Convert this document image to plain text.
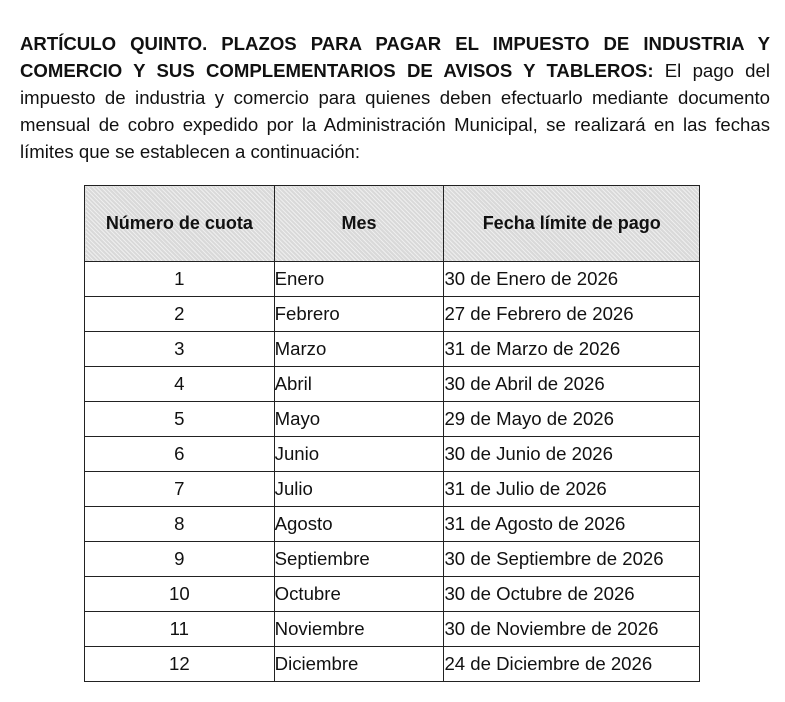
ARTÍCULO QUINTO. PLAZOS PARA PAGAR EL IMPUESTO DE INDUSTRIA Y COMERCIO Y SUS COMPLEMENTARIOS DE AVISOS Y TABLEROS: El pago del impuesto de industria y comercio para quienes deben efectuarlo mediante documento mensual de cobro expedido por la Administración Municipal, se realizará en las fechas límites que se establecen a continuación:

Número de cuota	Mes	Fecha límite de pago
1	Enero	30 de Enero de 2026
2	Febrero	27 de Febrero de 2026
3	Marzo	31 de Marzo de 2026
4	Abril	30 de Abril de 2026
5	Mayo	29 de Mayo de 2026
6	Junio	30 de Junio de 2026
7	Julio	31 de Julio de 2026
8	Agosto	31 de Agosto de 2026
9	Septiembre	30 de Septiembre de 2026
10	Octubre	30 de Octubre de 2026
11	Noviembre	30 de Noviembre de 2026
12	Diciembre	24 de Diciembre de 2026
